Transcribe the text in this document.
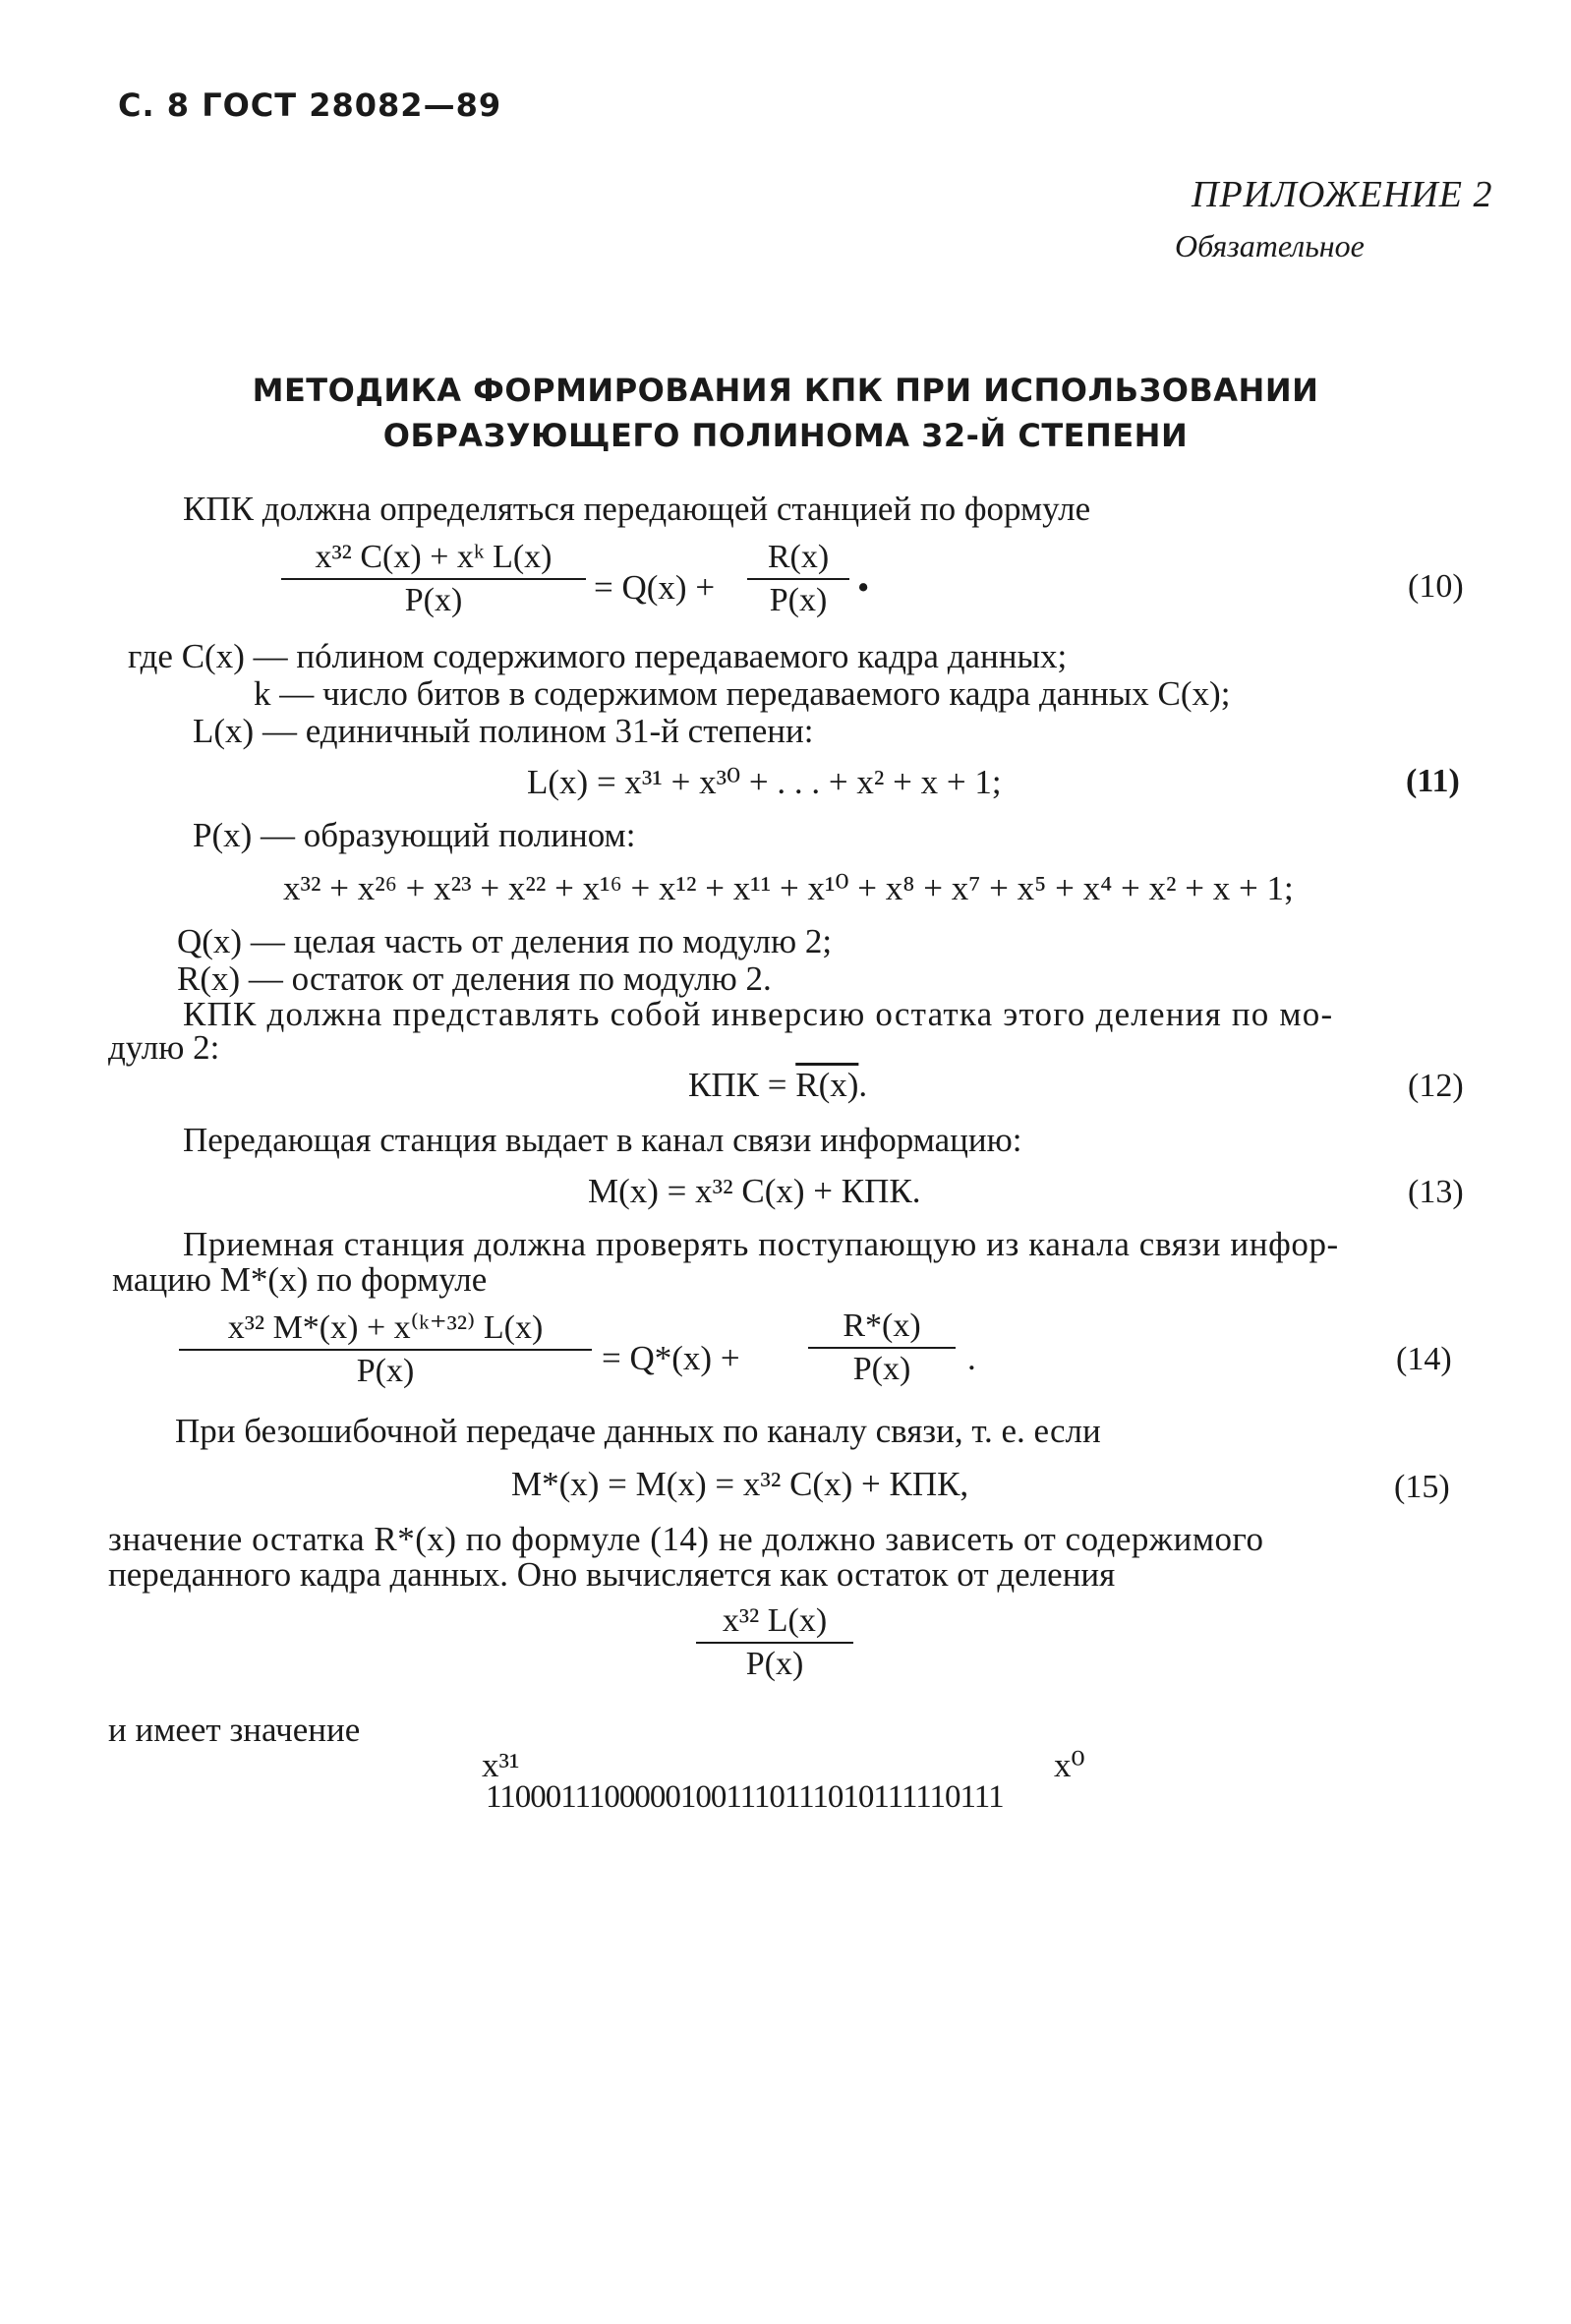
С. 8 ГОСТ 28082—89
ПРИЛОЖЕНИЕ 2
Обязательное
МЕТОДИКА ФОРМИРОВАНИЯ КПК ПРИ ИСПОЛЬЗОВАНИИ
ОБРАЗУЮЩЕГО ПОЛИНОМА 32-Й СТЕПЕНИ
КПК должна определяться передающей станцией по формуле
$\frac{\text{x³² C(x) + xᵏ L(x)}}{P(x)} = Q(x) + \frac{R(x)}{P(x)}$ •	(10)
где C(x) — пóлином содержимого передаваемого кадра данных;
k — число битов в содержимом передаваемого кадра данных C(x);
L(x) — единичный полином 31-й степени:
L(x) = x³¹ + x³⁰ + . . . + x² + x + 1;	(11)
P(x) — образующий полином:
x³² + x²⁶ + x²³ + x²² + x¹⁶ + x¹² + x¹¹ + x¹⁰ + x⁸ + x⁷ + x⁵ + x⁴ + x² + x + 1;
Q(x) — целая часть от деления по модулю 2;
R(x) — остаток от деления по модулю 2.
КПК должна представлять собой инверсию остатка этого деления по мо-
дулю 2:
КПК = R(x).	(12)
Передающая станция выдает в канал связи информацию:
M(x) = x³² C(x) + КПК.	(13)
Приемная станция должна проверять поступающую из канала связи инфор-
мацию M*(x) по формуле
$\frac{\text{x³² M*(x) + x⁽ᵏ⁺³²⁾ L(x)}}{P(x)} = Q*(x) + \frac{R*(x)}{P(x)}$ .	(14)
При безошибочной передаче данных по каналу связи, т. е. если
M*(x) = M(x) = x³² C(x) + КПК,	(15)
значение остатка R*(x) по формуле (14) не должно зависеть от содержимого
переданного кадра данных. Оно вычисляется как остаток от деления
$\frac{\text{x³² L(x)}}{P(x)}$
и имеет значение
x³¹	x⁰
11000111000001001110111010111110111
